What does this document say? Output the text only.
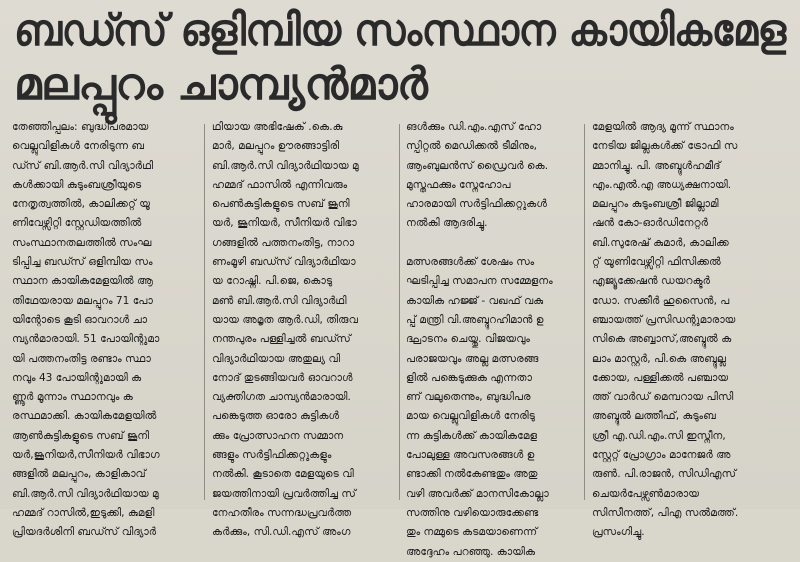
ബഡ്സ് ഒളിമ്പിയ സംസ്ഥാന കായികമേള
മലപ്പുറം ചാമ്പ്യൻമാർ

തേഞ്ഞിപ്പലം: ബുദ്ധിപരമായ
വെല്ലുവിളികൾ നേരിടുന്ന ബ
ഡ്സ് ബി.ആർ.സി വിദ്യാർഥി
കൾക്കായി കുടുംബശ്രീയുടെ
നേതൃത്വത്തിൽ, കാലിക്കറ്റ് യൂ
ണിവേഴ്സിറ്റി സ്റ്റേഡിയത്തിൽ
സംസ്ഥാനതലത്തിൽ സംഘ
ടിപ്പിച്ച ബഡ്സ് ഒളിമ്പിയ സം
സ്ഥാന കായികമേളയിൽ ആ
തിഥേയരായ മലപ്പുറം 71 പോ
യിന്റോടെ കൂടി ഓവറാൾ ചാ
മ്പ്യൻമാരായി. 51 പോയിന്റുമാ
യി പത്തനംതിട്ട രണ്ടാം സ്ഥാ
നവും 43 പോയിന്റുമായി ക
ണ്ണൂർ മൂന്നാം സ്ഥാനവും ക
രസ്ഥമാക്കി. കായികമേളയിൽ
ആൺകുട്ടികളുടെ സബ് ജൂനി
യർ,ജൂനിയർ,സീനിയർ വിഭാഗ
ങ്ങളിൽ മലപ്പുറം, കാളികാവ്
ബി.ആർ.സി വിദ്യാർഥിയായ മു
ഹമ്മദ് റാസിൽ,ഇടുക്കി, കുമളി
പ്രിയദർശിനി ബഡ്സ് വിദ്യാർ

ഥിയായ അഭിഷേക് .കെ.കു
മാർ, മലപ്പുറം ഊരങ്ങാട്ടിരി
ബി.ആർ.സി വിദ്യാർഥിയായ മു
ഹമ്മദ് ഫാസിൽ എന്നിവരും
പെൺകുട്ടികളുടെ സബ് ജൂനി
യർ, ജൂനിയർ, സീനിയർ വിഭാ
ഗങ്ങളിൽ പത്തനംതിട്ട, നാറാ
ണംമൂഴി ബഡ്സ് വിദ്യാർഥിയാ
യ റോഷ്നി. പി.ജെ, കൊടു
മൺ ബി.ആർ.സി വിദ്യാർഥി
യായ അമൃത ആർ.ഡി, തിരുവ
നന്തപുരം പള്ളിച്ചൽ ബഡ്സ്
വിദ്യാർഥിയായ അതുല്യ വി
നോദ് തുടങ്ങിയവർ ഓവറാൾ
വ്യക്തിഗത ചാമ്പ്യൻമാരായി.
പങ്കെടുത്ത ഓരോ കുട്ടികൾ
ക്കും പ്രോത്സാഹന സമ്മാന
ങ്ങളും സർട്ടിഫിക്കറ്റുകളും
നൽകി. കൂടാതെ മേളയുടെ വി
ജയത്തിനായി പ്രവർത്തിച്ച സ്
നേഹതീരം സന്നദ്ധപ്രവർത്ത
കർക്കും, സി.ഡി.എസ് അംഗ

ങൾക്കും ഡി.എം.എസ് ഹോ
സ്പിറ്റൽ മെഡിക്കൽ ടീമിനും,
ആംബുലൻസ് ഡ്രൈവർ കെ.
മുസ്തഫക്കും സ്നേഹോപ
ഹാരമായി സർട്ടിഫിക്കറ്റുകൾ
നൽകി ആദരിച്ചു.

മത്സരങ്ങൾക്ക് ശേഷം സം
ഘടിപ്പിച്ച സമാപന സമ്മേളനം
കായിക ഹജ്ജ് - വഖഫ് വകു
പ്പ് മന്ത്രി വി.അബ്ദുറഹിമാൻ ഉ
ദ്ഘാടനം ചെയ്തു. വിജയവും
പരാജയവും അല്ല മത്സരങ്ങ
ളിൽ പങ്കെടുക്കുക എന്നതാ
ണ് വലുതെന്നും, ബുദ്ധിപര
മായ വെല്ലുവിളികൾ നേരിടു
ന്ന കുട്ടികൾക്ക് കായികമേള
പോലുള്ള അവസരങ്ങൾ ഉ
ണ്ടാക്കി നൽകേണ്ടതും അതു
വഴി അവർക്ക് മാനസികോല്ലാ
സത്തിനു വഴിയൊരുക്കേണ്ട
തും നമ്മുടെ കടമയാണെന്ന്
അദ്ദേഹം പറഞ്ഞു. കായിക

മേളയിൽ ആദ്യ മൂന്ന് സ്ഥാനം
നേടിയ ജില്ലകൾക്ക് ട്രോഫി സ
മ്മാനിച്ചു. പി. അബ്ദുൾഹമീദ്
എം.എൽ.എ അധ്യക്ഷനായി.
മലപ്പുറം കുടുംബശ്രീ ജില്ലാമി
ഷൻ കോ-ഓർഡിനേറ്റർ
ബി.സുരേഷ് കുമാർ, കാലിക്ക
റ്റ് യൂണിവേഴ്സിറ്റി ഫിസിക്കൽ
എജ്യൂക്കേഷൻ ഡയറക്ടർ
ഡോ. സക്കീർ ഹുസൈൻ, പ
ഞ്ചായത്ത് പ്രസിഡന്റുമാരായ
സികെ അബ്ബാസ്,അബ്ദുൽ ക
ലാം മാസ്റ്റർ, പി.കെ അബ്ദുല്ല
ക്കോയ, പള്ളിക്കൽ പഞ്ചായ
ത്ത് വാർഡ് മെമ്പറായ പിസി
അബ്ദുൽ ലത്തീഫ്, കുടുംബ
ശ്രീ എ.ഡി.എം.സി ഇസ്നീന,
സ്റ്റേറ്റ് പ്രോഗ്രാം മാനേജർ അ
രുൺ. പി.രാജൻ, സിഡിഎസ്
ചെയർപേഴ്സൺമാരായ
സിസീനത്ത്, പിഎ സൽമത്ത്.
പ്രസംഗിച്ചു.
